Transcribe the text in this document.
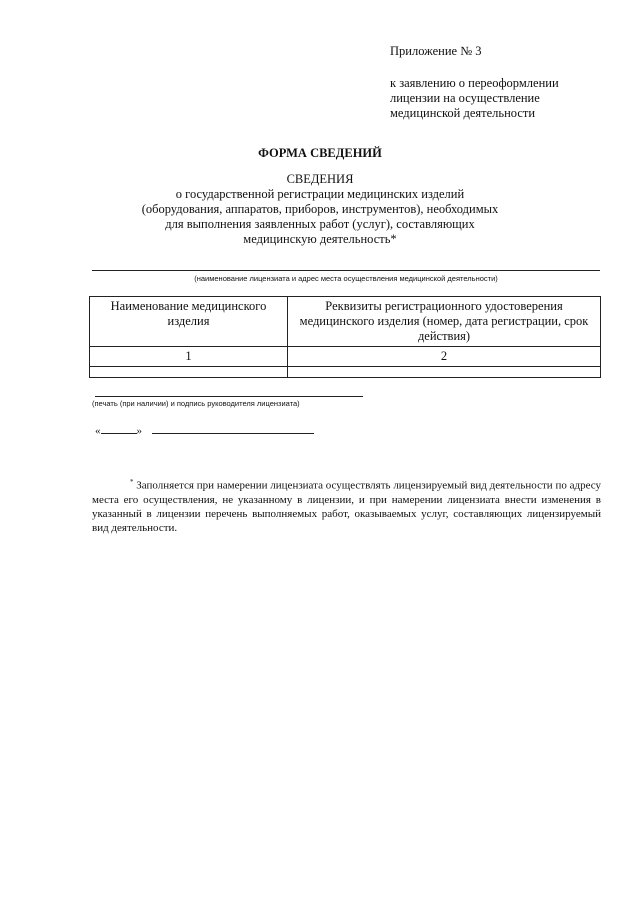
Приложение № 3
к заявлению о переоформлении
лицензии на осуществление
медицинской деятельности
ФОРМА СВЕДЕНИЙ
СВЕДЕНИЯ
о государственной регистрации медицинских изделий
(оборудования, аппаратов, приборов, инструментов), необходимых
для выполнения заявленных работ (услуг), составляющих
медицинскую деятельность*
(наименование лицензиата и адрес места осуществления медицинской деятельности)
Наименование медицинского изделия	Реквизиты регистрационного удостоверения медицинского изделия (номер, дата регистрации, срок действия)
1	2

(печать (при наличии) и подпись руководителя лицензиата)
«	»
* Заполняется при намерении лицензиата осуществлять лицензируемый вид деятельности по адресу места его осуществления, не указанному в лицензии, и при намерении лицензиата внести изменения в указанный в лицензии перечень выполняемых работ, оказываемых услуг, составляющих лицензируемый вид деятельности.
